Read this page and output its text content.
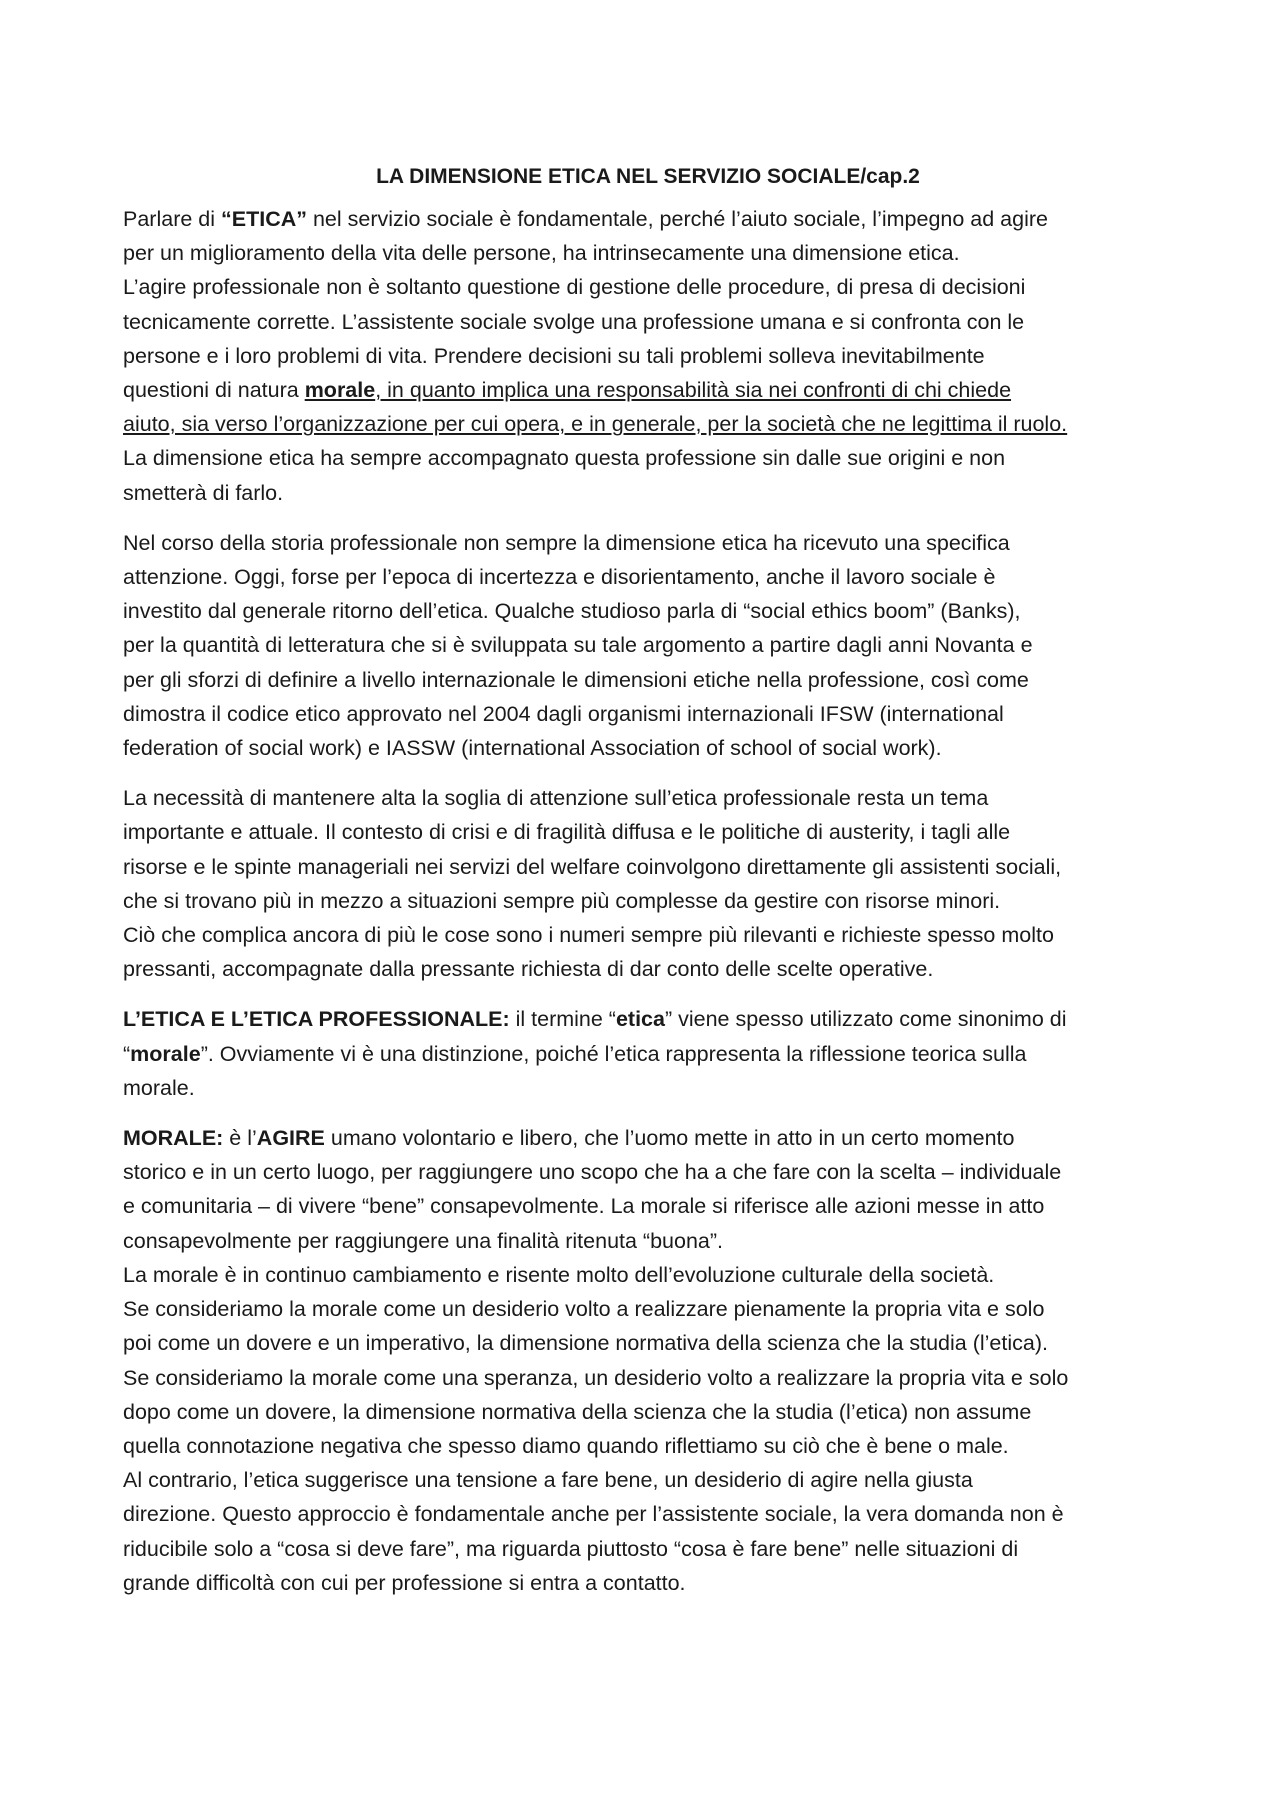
LA DIMENSIONE ETICA NEL SERVIZIO SOCIALE/cap.2

Parlare di “ETICA” nel servizio sociale è fondamentale, perché l’aiuto sociale, l’impegno ad agire
per un miglioramento della vita delle persone, ha intrinsecamente una dimensione etica.
L’agire professionale non è soltanto questione di gestione delle procedure, di presa di decisioni
tecnicamente corrette. L’assistente sociale svolge una professione umana e si confronta con le
persone e i loro problemi di vita. Prendere decisioni su tali problemi solleva inevitabilmente
questioni di natura morale, in quanto implica una responsabilità sia nei confronti di chi chiede
aiuto, sia verso l’organizzazione per cui opera, e in generale, per la società che ne legittima il ruolo.
La dimensione etica ha sempre accompagnato questa professione sin dalle sue origini e non
smetterà di farlo.

Nel corso della storia professionale non sempre la dimensione etica ha ricevuto una specifica
attenzione. Oggi, forse per l’epoca di incertezza e disorientamento, anche il lavoro sociale è
investito dal generale ritorno dell’etica. Qualche studioso parla di “social ethics boom” (Banks),
per la quantità di letteratura che si è sviluppata su tale argomento a partire dagli anni Novanta e
per gli sforzi di definire a livello internazionale le dimensioni etiche nella professione, così come
dimostra il codice etico approvato nel 2004 dagli organismi internazionali IFSW (international
federation of social work) e IASSW (international Association of school of social work).

La necessità di mantenere alta la soglia di attenzione sull’etica professionale resta un tema
importante e attuale. Il contesto di crisi e di fragilità diffusa e le politiche di austerity, i tagli alle
risorse e le spinte manageriali nei servizi del welfare coinvolgono direttamente gli assistenti sociali,
che si trovano più in mezzo a situazioni sempre più complesse da gestire con risorse minori.
Ciò che complica ancora di più le cose sono i numeri sempre più rilevanti e richieste spesso molto
pressanti, accompagnate dalla pressante richiesta di dar conto delle scelte operative.

L’ETICA E L’ETICA PROFESSIONALE: il termine “etica” viene spesso utilizzato come sinonimo di
“morale”. Ovviamente vi è una distinzione, poiché l’etica rappresenta la riflessione teorica sulla
morale.

MORALE: è l’AGIRE umano volontario e libero, che l’uomo mette in atto in un certo momento
storico e in un certo luogo, per raggiungere uno scopo che ha a che fare con la scelta – individuale
e comunitaria – di vivere “bene” consapevolmente. La morale si riferisce alle azioni messe in atto
consapevolmente per raggiungere una finalità ritenuta “buona”.
La morale è in continuo cambiamento e risente molto dell’evoluzione culturale della società.
Se consideriamo la morale come un desiderio volto a realizzare pienamente la propria vita e solo
poi come un dovere e un imperativo, la dimensione normativa della scienza che la studia (l’etica).
Se consideriamo la morale come una speranza, un desiderio volto a realizzare la propria vita e solo
dopo come un dovere, la dimensione normativa della scienza che la studia (l’etica) non assume
quella connotazione negativa che spesso diamo quando riflettiamo su ciò che è bene o male.
Al contrario, l’etica suggerisce una tensione a fare bene, un desiderio di agire nella giusta
direzione. Questo approccio è fondamentale anche per l’assistente sociale, la vera domanda non è
riducibile solo a “cosa si deve fare”, ma riguarda piuttosto “cosa è fare bene” nelle situazioni di
grande difficoltà con cui per professione si entra a contatto.
